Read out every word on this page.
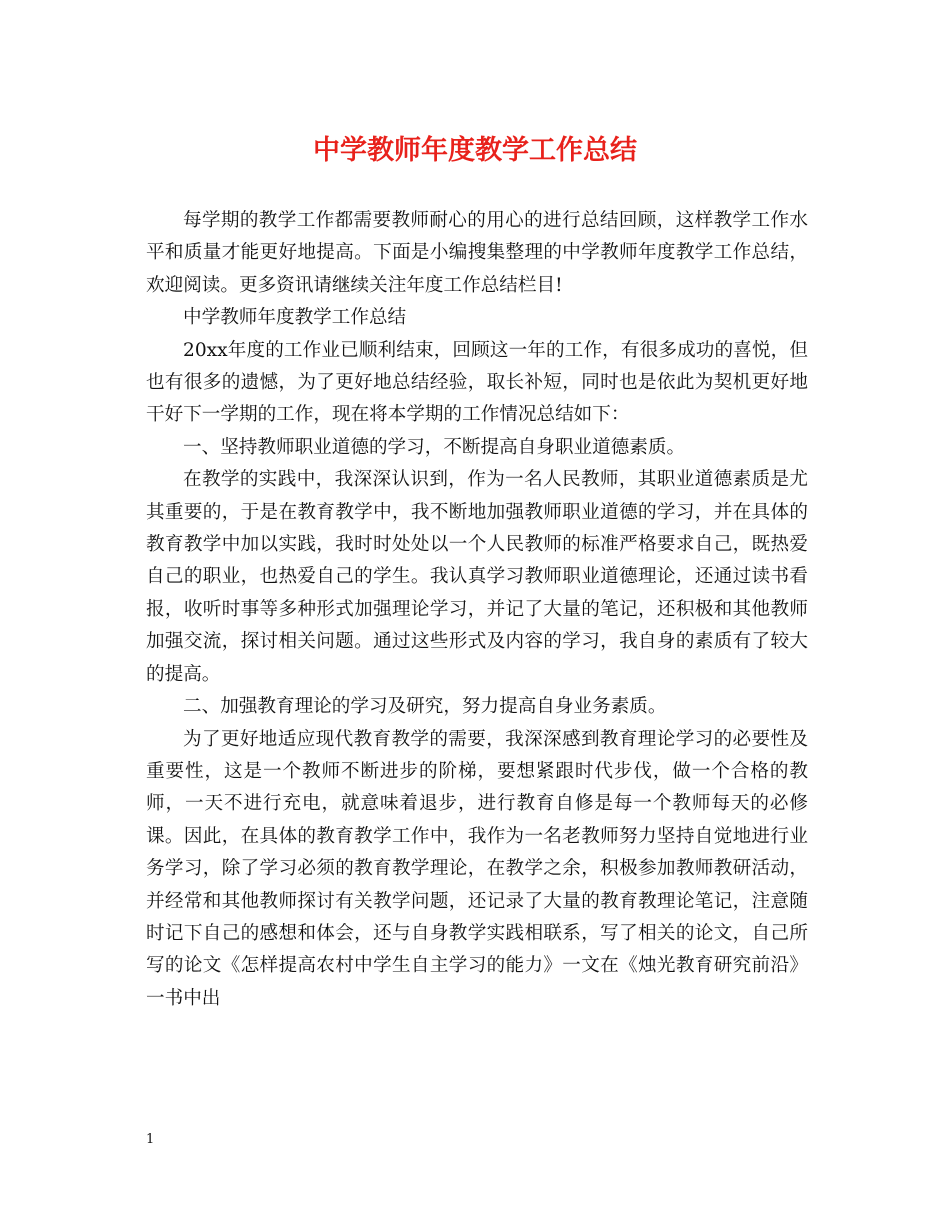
中学教师年度教学工作总结

每学期的教学工作都需要教师耐心的用心的进行总结回顾，这样教学工作水平和质量才能更好地提高。下面是小编搜集整理的中学教师年度教学工作总结，欢迎阅读。更多资讯请继续关注年度工作总结栏目!

中学教师年度教学工作总结

20xx年度的工作业已顺利结束，回顾这一年的工作，有很多成功的喜悦，但也有很多的遗憾，为了更好地总结经验，取长补短，同时也是依此为契机更好地干好下一学期的工作，现在将本学期的工作情况总结如下：

一、坚持教师职业道德的学习，不断提高自身职业道德素质。

在教学的实践中，我深深认识到，作为一名人民教师，其职业道德素质是尤其重要的，于是在教育教学中，我不断地加强教师职业道德的学习，并在具体的教育教学中加以实践，我时时处处以一个人民教师的标准严格要求自己，既热爱自己的职业，也热爱自己的学生。我认真学习教师职业道德理论，还通过读书看报，收听时事等多种形式加强理论学习，并记了大量的笔记，还积极和其他教师加强交流，探讨相关问题。通过这些形式及内容的学习，我自身的素质有了较大的提高。

二、加强教育理论的学习及研究，努力提高自身业务素质。

为了更好地适应现代教育教学的需要，我深深感到教育理论学习的必要性及重要性，这是一个教师不断进步的阶梯，要想紧跟时代步伐，做一个合格的教师，一天不进行充电，就意味着退步，进行教育自修是每一个教师每天的必修课。因此，在具体的教育教学工作中，我作为一名老教师努力坚持自觉地进行业务学习，除了学习必须的教育教学理论，在教学之余，积极参加教师教研活动，并经常和其他教师探讨有关教学问题，还记录了大量的教育教理论笔记，注意随时记下自己的感想和体会，还与自身教学实践相联系，写了相关的论文，自己所写的论文《怎样提高农村中学生自主学习的能力》一文在《烛光教育研究前沿》一书中出

1
